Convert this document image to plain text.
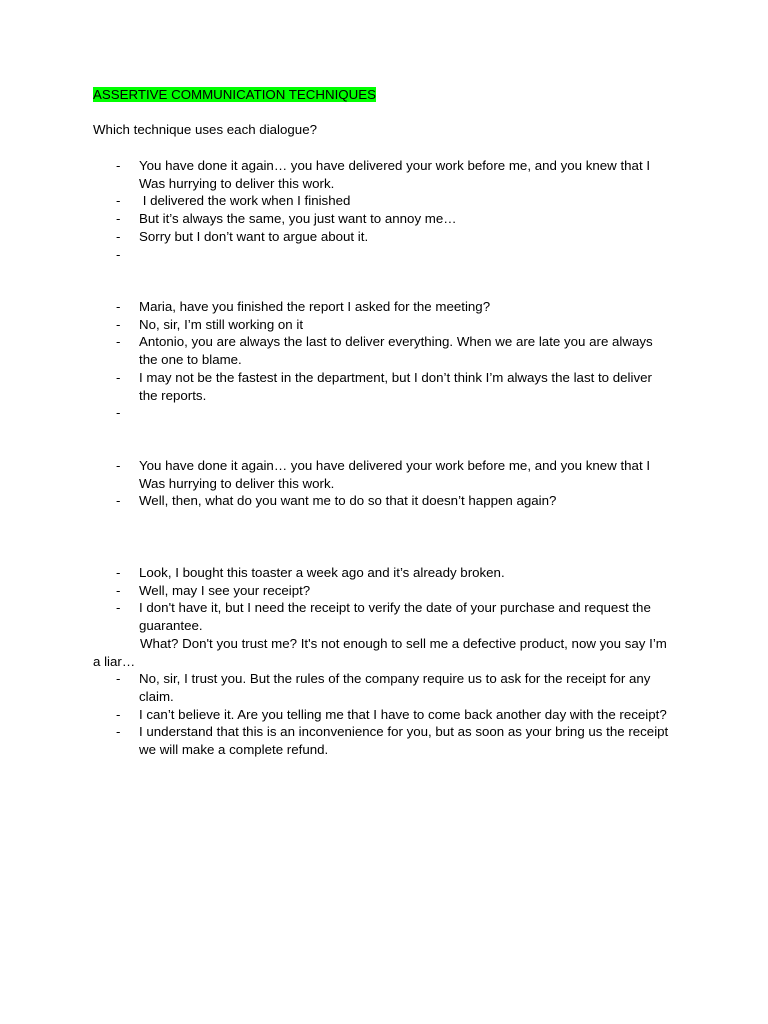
ASSERTIVE COMMUNICATION TECHNIQUES
Which technique uses each dialogue?
- You have done it again… you have delivered your work before me, and you knew that I Was hurrying to deliver this work.
- I delivered the work when I finished
- But it’s always the same, you just want to annoy me…
- Sorry but I don’t want to argue about it.
-
- Maria, have you finished the report I asked for the meeting?
- No, sir, I’m still working on it
- Antonio, you are always the last to deliver everything. When we are late you are always the one to blame.
- I may not be the fastest in the department, but I don’t think I’m always the last to deliver the reports.
-
- You have done it again… you have delivered your work before me, and you knew that I Was hurrying to deliver this work.
- Well, then, what do you want me to do so that it doesn’t happen again?
- Look, I bought this toaster a week ago and it’s already broken.
- Well, may I see your receipt?
- I don't have it, but I need the receipt to verify the date of your purchase and request the guarantee.
What? Don't you trust me? It's not enough to sell me a defective product, now you say I’m a liar…
- No, sir, I trust you. But the rules of the company require us to ask for the receipt for any claim.
- I can’t believe it. Are you telling me that I have to come back another day with the receipt?
- I understand that this is an inconvenience for you, but as soon as your bring us the receipt we will make a complete refund.
